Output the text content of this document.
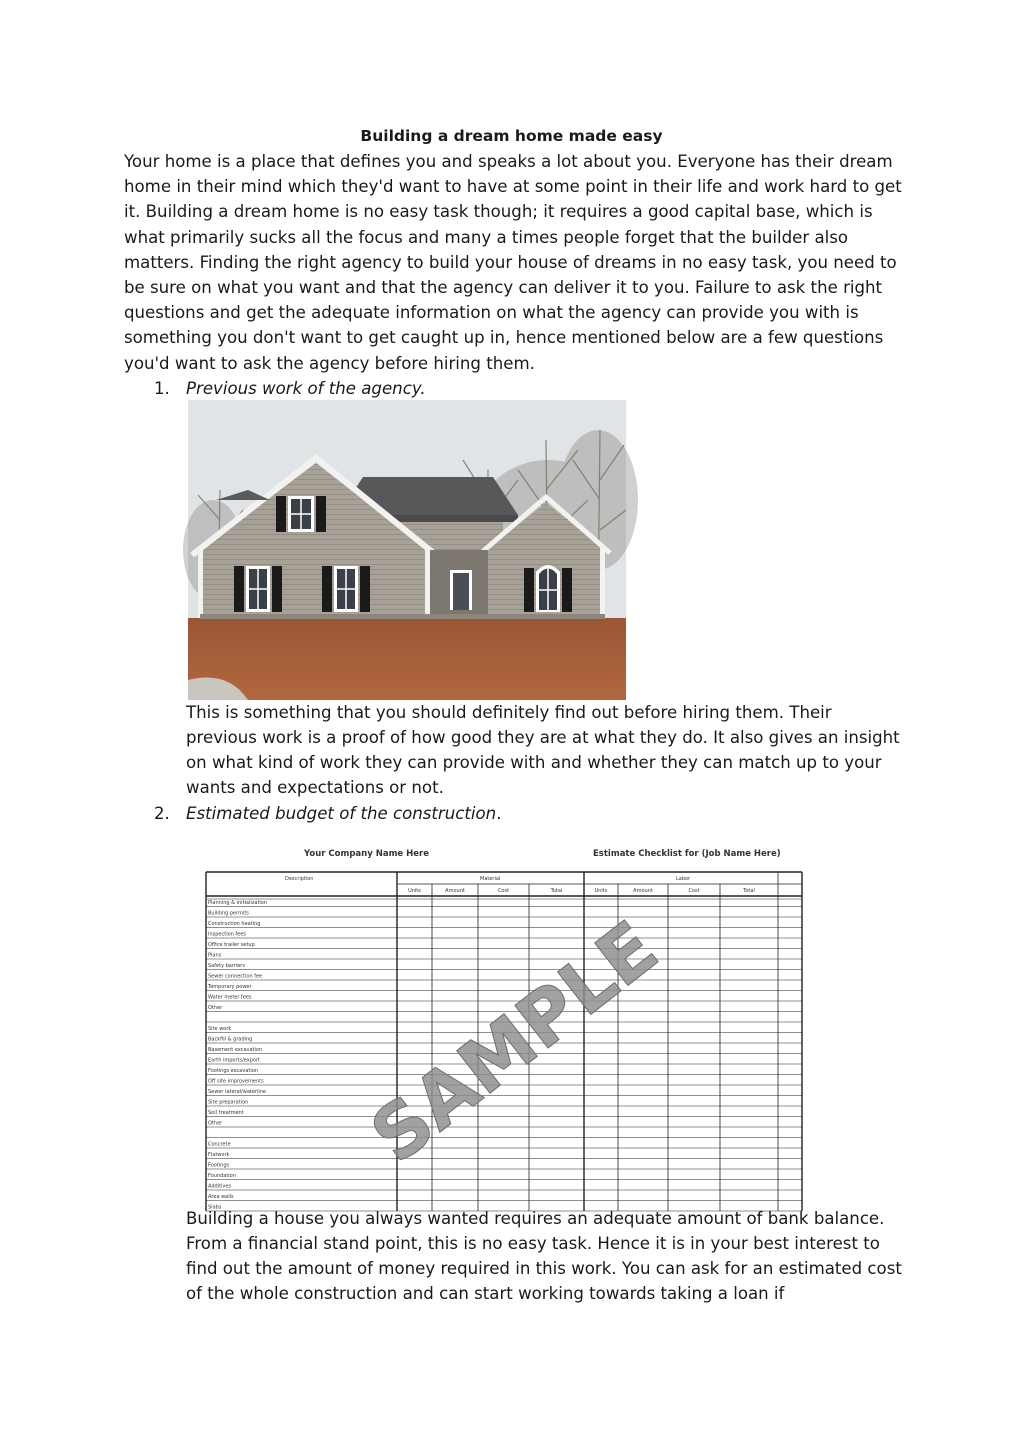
Building a dream home made easy

Your home is a place that defines you and speaks a lot about you. Everyone has their dream home in their mind which they'd want to have at some point in their life and work hard to get it. Building a dream home is no easy task though; it requires a good capital base, which is what primarily sucks all the focus and many a times people forget that the builder also matters. Finding the right agency to build your house of dreams in no easy task, you need to be sure on what you want and that the agency can deliver it to you. Failure to ask the right questions and get the adequate information on what the agency can provide you with is something you don't want to get caught up in, hence mentioned below are a few questions you'd want to ask the agency before hiring them.

1. Previous work of the agency.

This is something that you should definitely find out before hiring them. Their previous work is a proof of how good they are at what they do. It also gives an insight on what kind of work they can provide with and whether they can match up to your wants and expectations or not.

2. Estimated budget of the construction.
Your Company Name Here	Estimate Checklist for (Job Name Here)
Description	Material	Labor
Units	Amount	Cost	Total	Units	Amount	Cost	Total
Planning & initialization
Building permits
Construction heating
Inspection fees
Office trailer setup
Plans
Safety barriers
Sewer connection fee
Temporary power
Water meter fees
Other
Site work
Backfill & grading
Basement excavation
Earth imports/export
Footings excavation
Off site improvements
Sewer lateral/waterline
Site preparation
Soil treatment
Other
Concrete
Flatwork
Footings
Foundation
Additives
Area walls
Slabs
SAMPLE

Building a house you always wanted requires an adequate amount of bank balance. From a financial stand point, this is no easy task. Hence it is in your best interest to find out the amount of money required in this work. You can ask for an estimated cost of the whole construction and can start working towards taking a loan if
